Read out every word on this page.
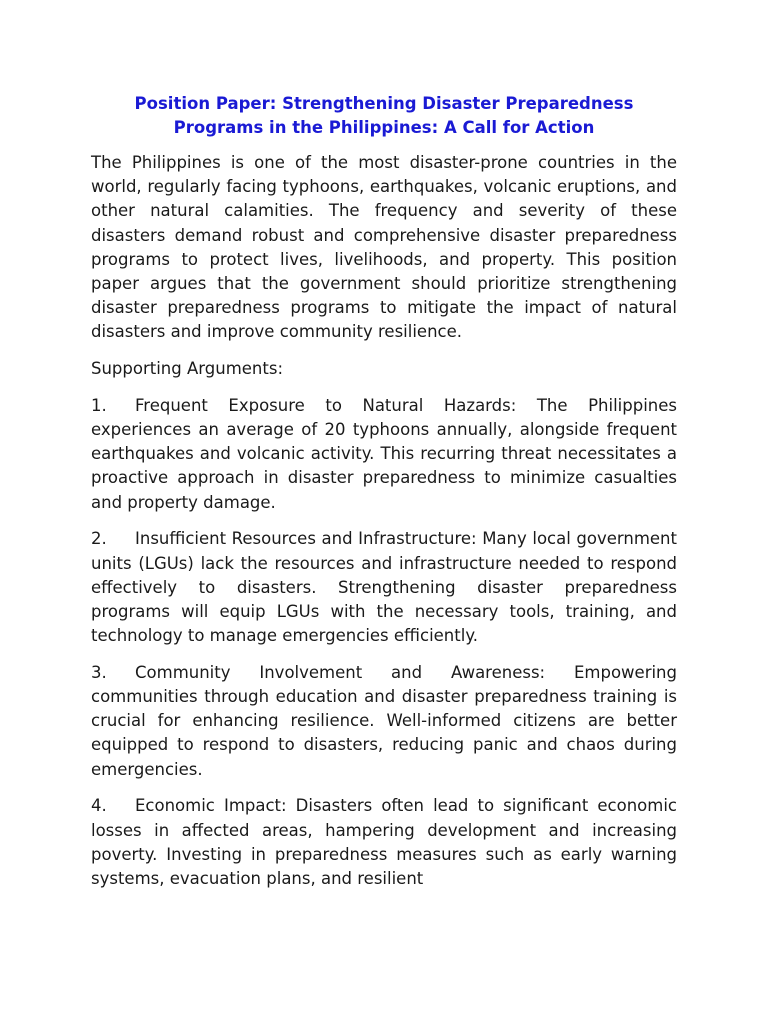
Position Paper: Strengthening Disaster Preparedness
Programs in the Philippines: A Call for Action

The Philippines is one of the most disaster-prone countries in the world, regularly facing typhoons, earthquakes, volcanic eruptions, and other natural calamities. The frequency and severity of these disasters demand robust and comprehensive disaster preparedness programs to protect lives, livelihoods, and property. This position paper argues that the government should prioritize strengthening disaster preparedness programs to mitigate the impact of natural disasters and improve community resilience.

Supporting Arguments:

1. Frequent Exposure to Natural Hazards: The Philippines experiences an average of 20 typhoons annually, alongside frequent earthquakes and volcanic activity. This recurring threat necessitates a proactive approach in disaster preparedness to minimize casualties and property damage.

2. Insufficient Resources and Infrastructure: Many local government units (LGUs) lack the resources and infrastructure needed to respond effectively to disasters. Strengthening disaster preparedness programs will equip LGUs with the necessary tools, training, and technology to manage emergencies efficiently.

3. Community Involvement and Awareness: Empowering communities through education and disaster preparedness training is crucial for enhancing resilience. Well-informed citizens are better equipped to respond to disasters, reducing panic and chaos during emergencies.

4. Economic Impact: Disasters often lead to significant economic losses in affected areas, hampering development and increasing poverty. Investing in preparedness measures such as early warning systems, evacuation plans, and resilient
